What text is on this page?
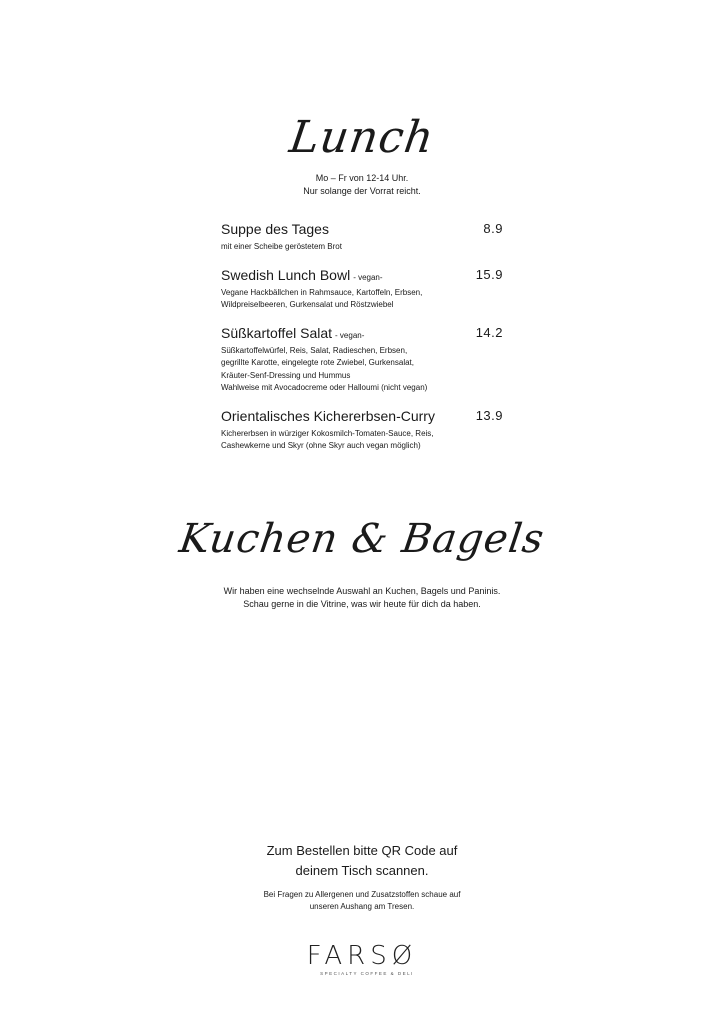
Lunch
Mo – Fr von 12-14 Uhr.
Nur solange der Vorrat reicht.
Suppe des Tages	8.9
mit einer Scheibe geröstetem Brot
Swedish Lunch Bowl - vegan-	15.9
Vegane Hackbällchen in Rahmsauce, Kartoffeln, Erbsen,
Wildpreiselbeeren, Gurkensalat und Röstzwiebel
Süßkartoffel Salat - vegan-	14.2
Süßkartoffelwürfel, Reis, Salat, Radieschen, Erbsen,
gegrillte Karotte, eingelegte rote Zwiebel, Gurkensalat,
Kräuter-Senf-Dressing und Hummus
Wahlweise mit Avocadocreme oder Halloumi (nicht vegan)
Orientalisches Kichererbsen-Curry	13.9
Kichererbsen in würziger Kokosmilch-Tomaten-Sauce, Reis,
Cashewkerne und Skyr (ohne Skyr auch vegan möglich)
Kuchen & Bagels
Wir haben eine wechselnde Auswahl an Kuchen, Bagels und Paninis.
Schau gerne in die Vitrine, was wir heute für dich da haben.
Zum Bestellen bitte QR Code auf
deinem Tisch scannen.
Bei Fragen zu Allergenen und Zusatzstoffen schaue auf
unseren Aushang am Tresen.
FARSØ
SPECIALTY COFFEE & DELI
